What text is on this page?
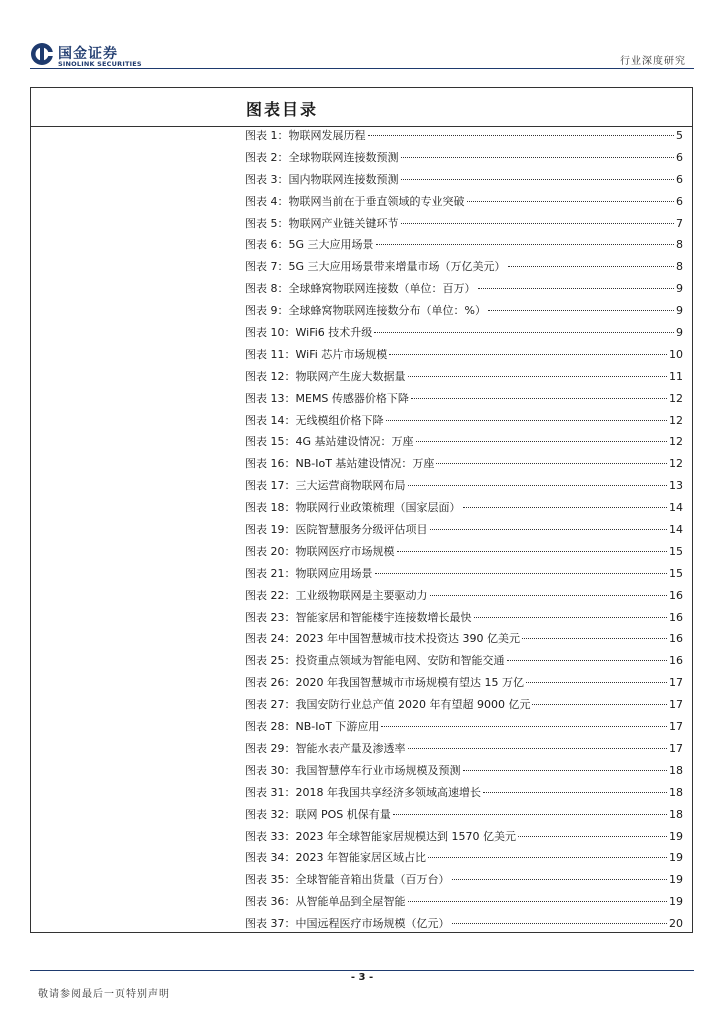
国金证券
SINOLINK SECURITIES	行业深度研究
图表目录
图表 1： 物联网发展历程	5
图表 2： 全球物联网连接数预测	6
图表 3： 国内物联网连接数预测	6
图表 4： 物联网当前在于垂直领域的专业突破	6
图表 5： 物联网产业链关键环节	7
图表 6： 5G 三大应用场景	8
图表 7： 5G 三大应用场景带来增量市场（万亿美元）	8
图表 8： 全球蜂窝物联网连接数（单位：百万）	9
图表 9： 全球蜂窝物联网连接数分布（单位：%）	9
图表 10： WiFi6 技术升级	9
图表 11： WiFi 芯片市场规模	10
图表 12： 物联网产生庞大数据量	11
图表 13： MEMS 传感器价格下降	12
图表 14： 无线模组价格下降	12
图表 15： 4G 基站建设情况：万座	12
图表 16： NB-IoT 基站建设情况：万座	12
图表 17： 三大运营商物联网布局	13
图表 18： 物联网行业政策梳理（国家层面）	14
图表 19： 医院智慧服务分级评估项目	14
图表 20： 物联网医疗市场规模	15
图表 21： 物联网应用场景	15
图表 22： 工业级物联网是主要驱动力	16
图表 23： 智能家居和智能楼宇连接数增长最快	16
图表 24： 2023 年中国智慧城市技术投资达 390 亿美元	16
图表 25： 投资重点领域为智能电网、安防和智能交通	16
图表 26： 2020 年我国智慧城市市场规模有望达 15 万亿	17
图表 27： 我国安防行业总产值 2020 年有望超 9000 亿元	17
图表 28： NB-IoT 下游应用	17
图表 29： 智能水表产量及渗透率	17
图表 30： 我国智慧停车行业市场规模及预测	18
图表 31： 2018 年我国共享经济多领域高速增长	18
图表 32： 联网 POS 机保有量	18
图表 33： 2023 年全球智能家居规模达到 1570 亿美元	19
图表 34： 2023 年智能家居区域占比	19
图表 35： 全球智能音箱出货量（百万台）	19
图表 36： 从智能单品到全屋智能	19
图表 37： 中国远程医疗市场规模（亿元）	20
- 3 -
敬请参阅最后一页特别声明
